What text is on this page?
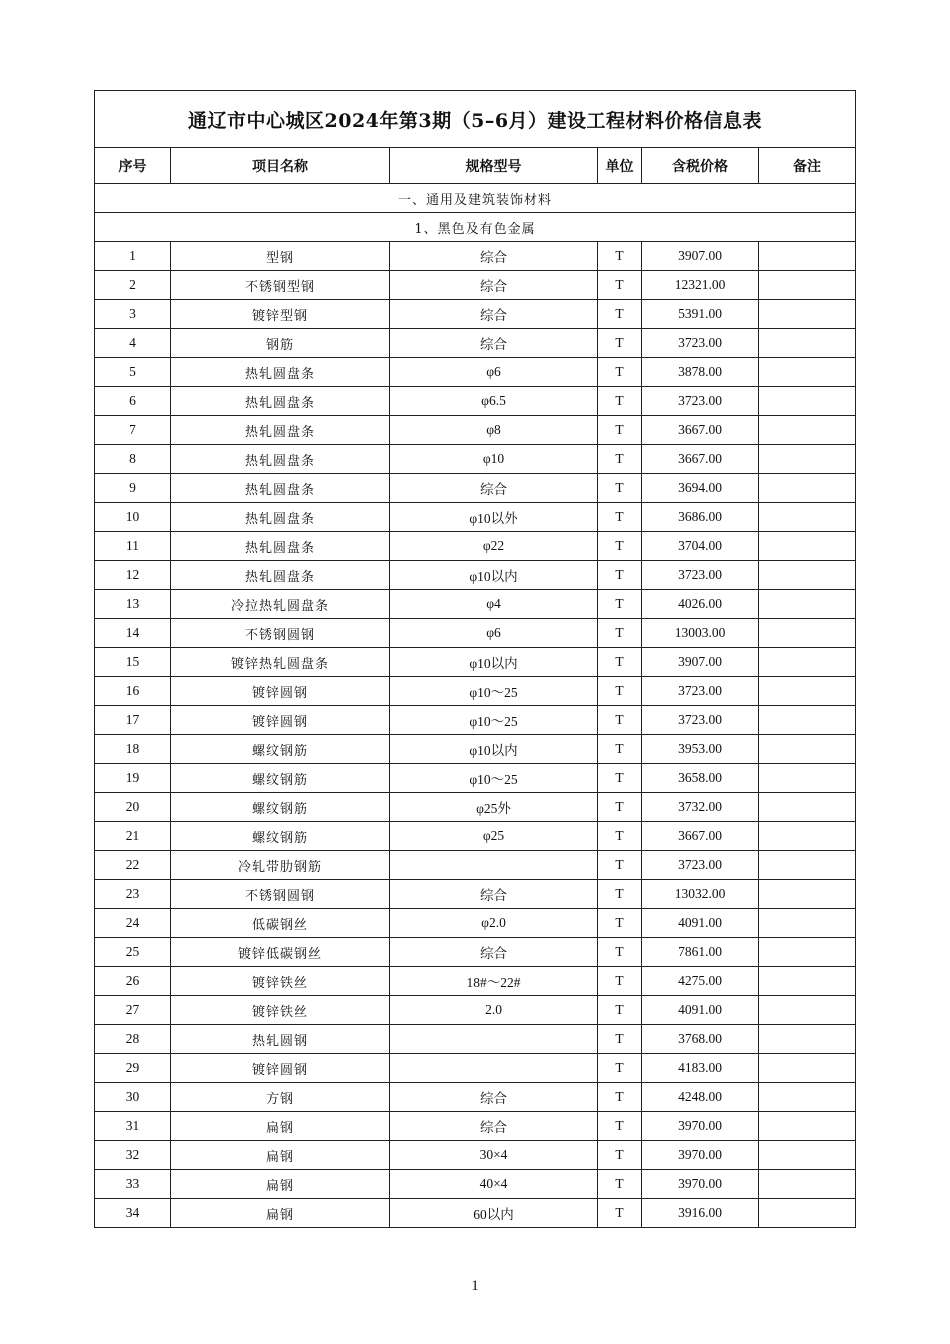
通辽市中心城区2024年第3期（5–6月）建设工程材料价格信息表					
序号	项目名称	规格型号	单位	含税价格	备注
一、通用及建筑装饰材料					
1、黑色及有色金属					
1	型钢	综合	T	3907.00	
2	不锈钢型钢	综合	T	12321.00	
3	镀锌型钢	综合	T	5391.00	
4	钢筋	综合	T	3723.00	
5	热轧圆盘条	φ6	T	3878.00	
6	热轧圆盘条	φ6.5	T	3723.00	
7	热轧圆盘条	φ8	T	3667.00	
8	热轧圆盘条	φ10	T	3667.00	
9	热轧圆盘条	综合	T	3694.00	
10	热轧圆盘条	φ10以外	T	3686.00	
11	热轧圆盘条	φ22	T	3704.00	
12	热轧圆盘条	φ10以内	T	3723.00	
13	冷拉热轧圆盘条	φ4	T	4026.00	
14	不锈钢圆钢	φ6	T	13003.00	
15	镀锌热轧圆盘条	φ10以内	T	3907.00	
16	镀锌圆钢	φ10～25	T	3723.00	
17	镀锌圆钢	φ10～25	T	3723.00	
18	螺纹钢筋	φ10以内	T	3953.00	
19	螺纹钢筋	φ10～25	T	3658.00	
20	螺纹钢筋	φ25外	T	3732.00	
21	螺纹钢筋	φ25	T	3667.00	
22	冷轧带肋钢筋		T	3723.00	
23	不锈钢圆钢	综合	T	13032.00	
24	低碳钢丝	φ2.0	T	4091.00	
25	镀锌低碳钢丝	综合	T	7861.00	
26	镀锌铁丝	18#～22#	T	4275.00	
27	镀锌铁丝	2.0	T	4091.00	
28	热轧圆钢		T	3768.00	
29	镀锌圆钢		T	4183.00	
30	方钢	综合	T	4248.00	
31	扁钢	综合	T	3970.00	
32	扁钢	30×4	T	3970.00	
33	扁钢	40×4	T	3970.00	
34	扁钢	60以内	T	3916.00	
1
